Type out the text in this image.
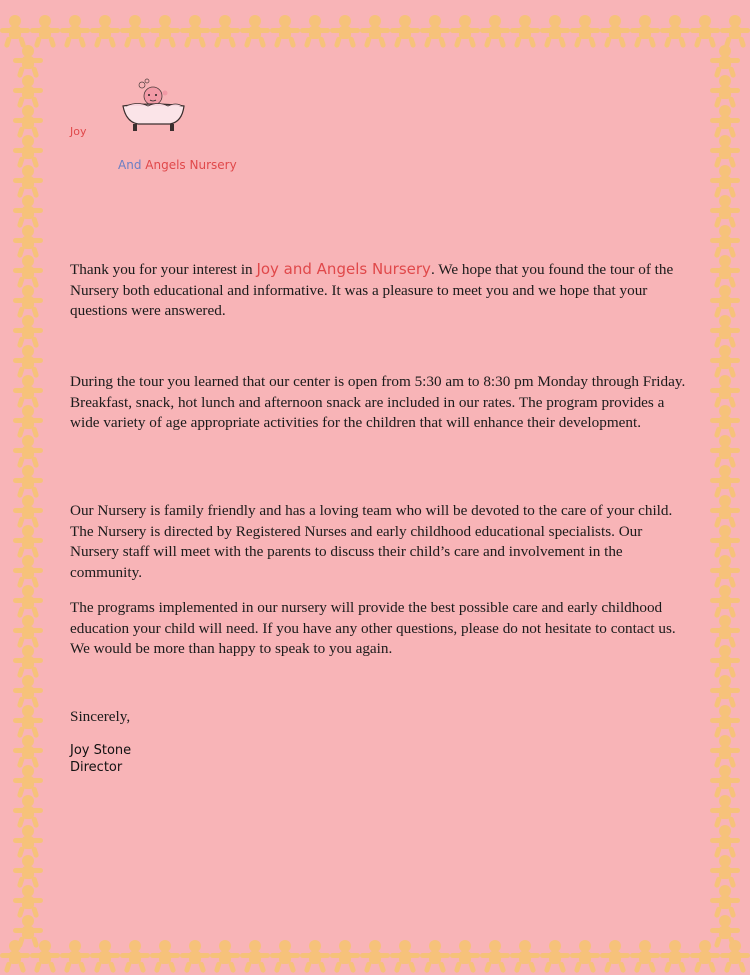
Joy
And Angels Nursery
Thank you for your interest in Joy and Angels Nursery. We hope that you found the tour of the Nursery both educational and informative. It was a pleasure to meet you and we hope that your questions were answered.
During the tour you learned that our center is open from 5:30 am to 8:30 pm Monday through Friday. Breakfast, snack, hot lunch and afternoon snack are included in our rates. The program provides a wide variety of age appropriate activities for the children that will enhance their development.
Our Nursery is family friendly and has a loving team who will be devoted to the care of your child. The Nursery is directed by Registered Nurses and early childhood educational specialists. Our Nursery staff will meet with the parents to discuss their child’s care and involvement in the community.
The programs implemented in our nursery will provide the best possible care and early childhood education your child will need. If you have any other questions, please do not hesitate to contact us. We would be more than happy to speak to you again.
Sincerely,
Joy Stone
Director
